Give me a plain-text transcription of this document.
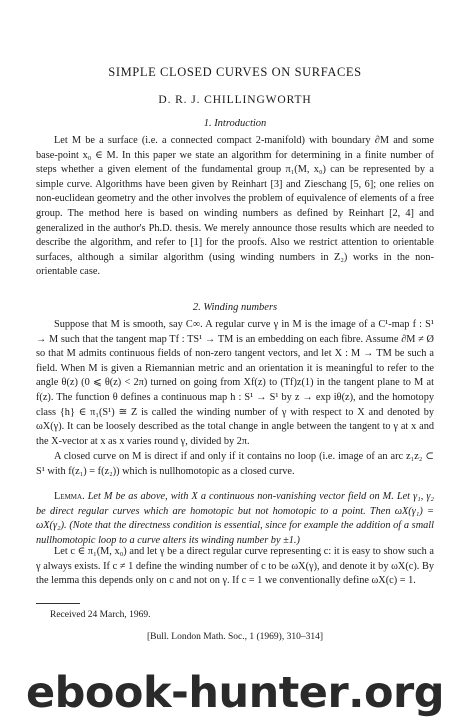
SIMPLE CLOSED CURVES ON SURFACES
D. R. J. CHILLINGWORTH
1. Introduction

Let M be a surface (i.e. a connected compact 2-manifold) with boundary ∂M and some base-point x₀ ∈ M. In this paper we state an algorithm for determining in a finite number of steps whether a given element of the fundamental group π₁(M, x₀) can be represented by a simple curve. Algorithms have been given by Reinhart [3] and Zieschang [5, 6]; one relies on non-euclidean geometry and the other involves the problem of equivalence of elements of a free group. The method here is based on winding numbers as defined by Reinhart [2, 4] and generalized in the author's Ph.D. thesis. We merely announce those results which are needed to describe the algorithm, and refer to [1] for the proofs. Also we restrict attention to orientable surfaces, although a similar algorithm (using winding numbers in Z₂) works in the non-orientable case.

2. Winding numbers

Suppose that M is smooth, say C∞. A regular curve γ in M is the image of a C¹-map f : S¹ → M such that the tangent map Tf : TS¹ → TM is an embedding on each fibre. Assume ∂M ≠ Ø so that M admits continuous fields of non-zero tangent vectors, and let X : M → TM be such a field. When M is given a Riemannian metric and an orientation it is meaningful to refer to the angle θ(z) (0 ⩽ θ(z) < 2π) turned on going from Xf(z) to (Tf)z(1) in the tangent plane to M at f(z). The function θ defines a continuous map h : S¹ → S¹ by z → exp iθ(z), and the homotopy class {h} ∈ π₁(S¹) ≅ Z is called the winding number of γ with respect to X and denoted by ωX(γ). It can be loosely described as the total change in angle between the tangent to γ at x and the X-vector at x as x varies round γ, divided by 2π.

A closed curve on M is direct if and only if it contains no loop (i.e. image of an arc z₁z₂ ⊂ S¹ with f(z₁) = f(z₂)) which is nullhomotopic as a closed curve.

Lemma. Let M be as above, with X a continuous non-vanishing vector field on M. Let γ₁, γ₂ be direct regular curves which are homotopic but not homotopic to a point. Then ωX(γ₁) = ωX(γ₂). (Note that the directness condition is essential, since for example the addition of a small nullhomotopic loop to a curve alters its winding number by ±1.)

Let c ∈ π₁(M, x₀) and let γ be a direct regular curve representing c: it is easy to show such a γ always exists. If c ≠ 1 define the winding number of c to be ωX(γ), and denote it by ωX(c). By the lemma this depends only on c and not on γ. If c = 1 we conventionally define ωX(c) = 1.

Received 24 March, 1969.

[Bull. London Math. Soc., 1 (1969), 310–314]

ebook-hunter . org
